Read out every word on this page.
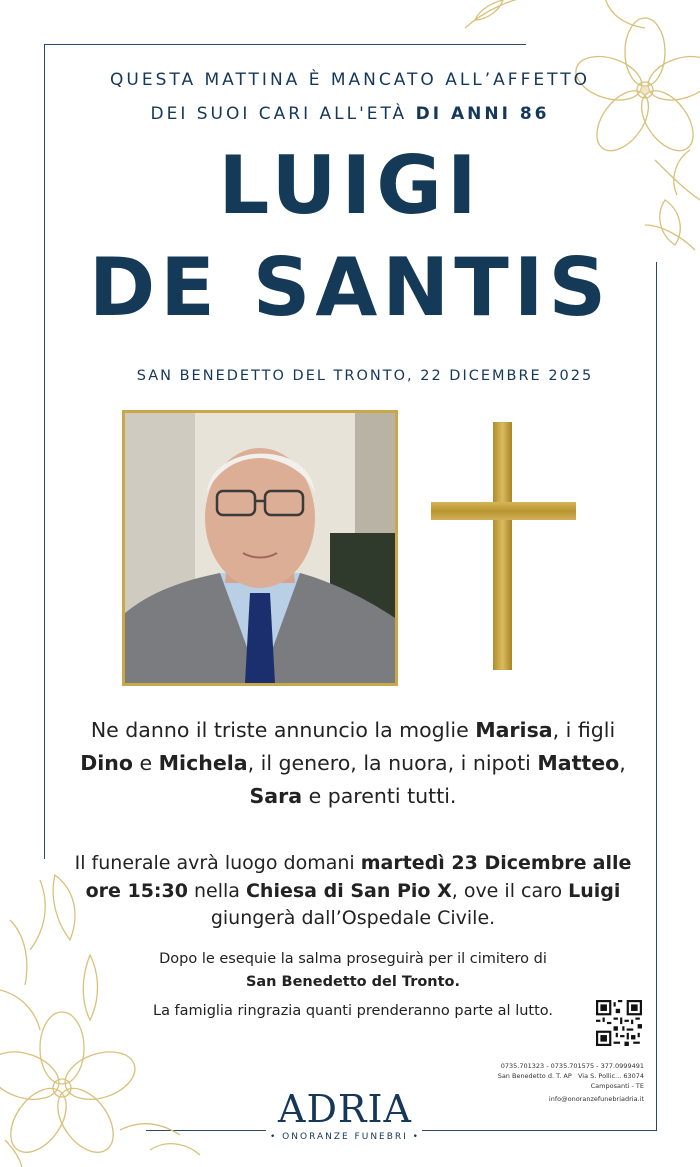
QUESTA MATTINA È MANCATO ALL’AFFETTO
DEI SUOI CARI ALL'ETÀ DI ANNI 86
LUIGI
DE SANTIS
SAN BENEDETTO DEL TRONTO, 22 DICEMBRE 2025
Ne danno il triste annuncio la moglie Marisa, i figli Dino e Michela, il genero, la nuora, i nipoti Matteo, Sara e parenti tutti.
Il funerale avrà luogo domani martedì 23 Dicembre alle ore 15:30 nella Chiesa di San Pio X, ove il caro Luigi giungerà dall’Ospedale Civile.
Dopo le esequie la salma proseguirà per il cimitero di
San Benedetto del Tronto.
La famiglia ringrazia quanti prenderanno parte al lutto.
0735.701323 - 0735.701575 - 377.0999491
San Benedetto d. T. AP Via S. Pollic... 63074
Camposanti - TE
info@onoranzefunebriadria.it
ADRIA
• ONORANZE FUNEBRI •
